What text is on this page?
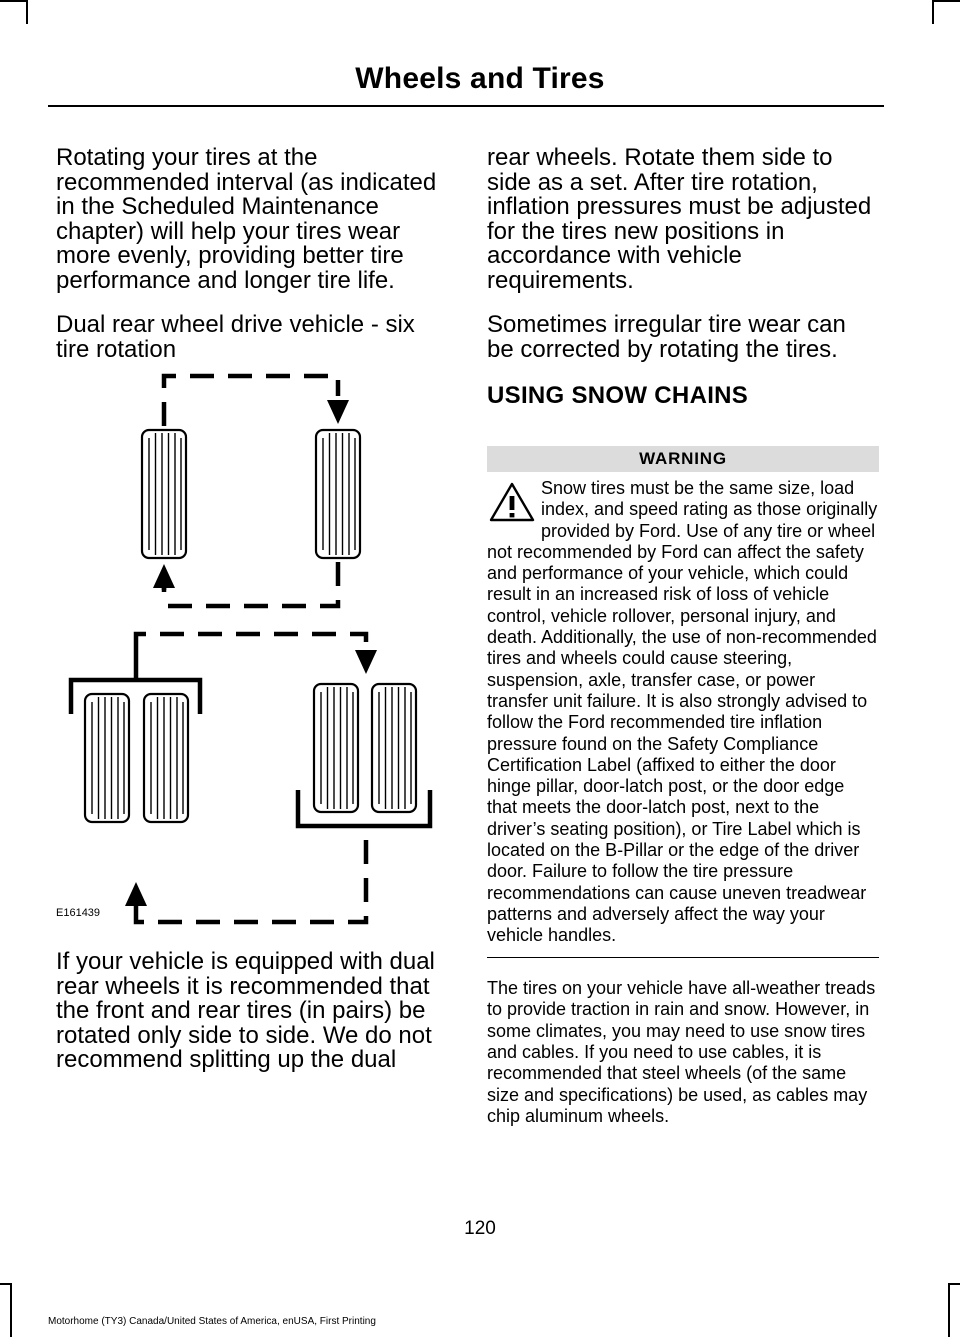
Wheels and Tires

Rotating your tires at the recommended interval (as indicated in the Scheduled Maintenance chapter) will help your tires wear more evenly, providing better tire performance and longer tire life.

Dual rear wheel drive vehicle - six tire rotation

E161439

If your vehicle is equipped with dual rear wheels it is recommended that the front and rear tires (in pairs) be rotated only side to side. We do not recommend splitting up the dual

rear wheels. Rotate them side to side as a set. After tire rotation, inflation pressures must be adjusted for the tires new positions in accordance with vehicle requirements.

Sometimes irregular tire wear can be corrected by rotating the tires.

USING SNOW CHAINS
WARNING
Snow tires must be the same size, load index, and speed rating as those originally provided by Ford. Use of any tire or wheel not recommended by Ford can affect the safety and performance of your vehicle, which could result in an increased risk of loss of vehicle control, vehicle rollover, personal injury, and death. Additionally, the use of non-recommended tires and wheels could cause steering, suspension, axle, transfer case, or power transfer unit failure. It is also strongly advised to follow the Ford recommended tire inflation pressure found on the Safety Compliance Certification Label (affixed to either the door hinge pillar, door-latch post, or the door edge that meets the door-latch post, next to the driver’s seating position), or Tire Label which is located on the B-Pillar or the edge of the driver door. Failure to follow the tire pressure recommendations can cause uneven treadwear patterns and adversely affect the way your vehicle handles.

The tires on your vehicle have all-weather treads to provide traction in rain and snow. However, in some climates, you may need to use snow tires and cables. If you need to use cables, it is recommended that steel wheels (of the same size and specifications) be used, as cables may chip aluminum wheels.

120
Motorhome (TY3) Canada/United States of America, enUSA, First Printing
